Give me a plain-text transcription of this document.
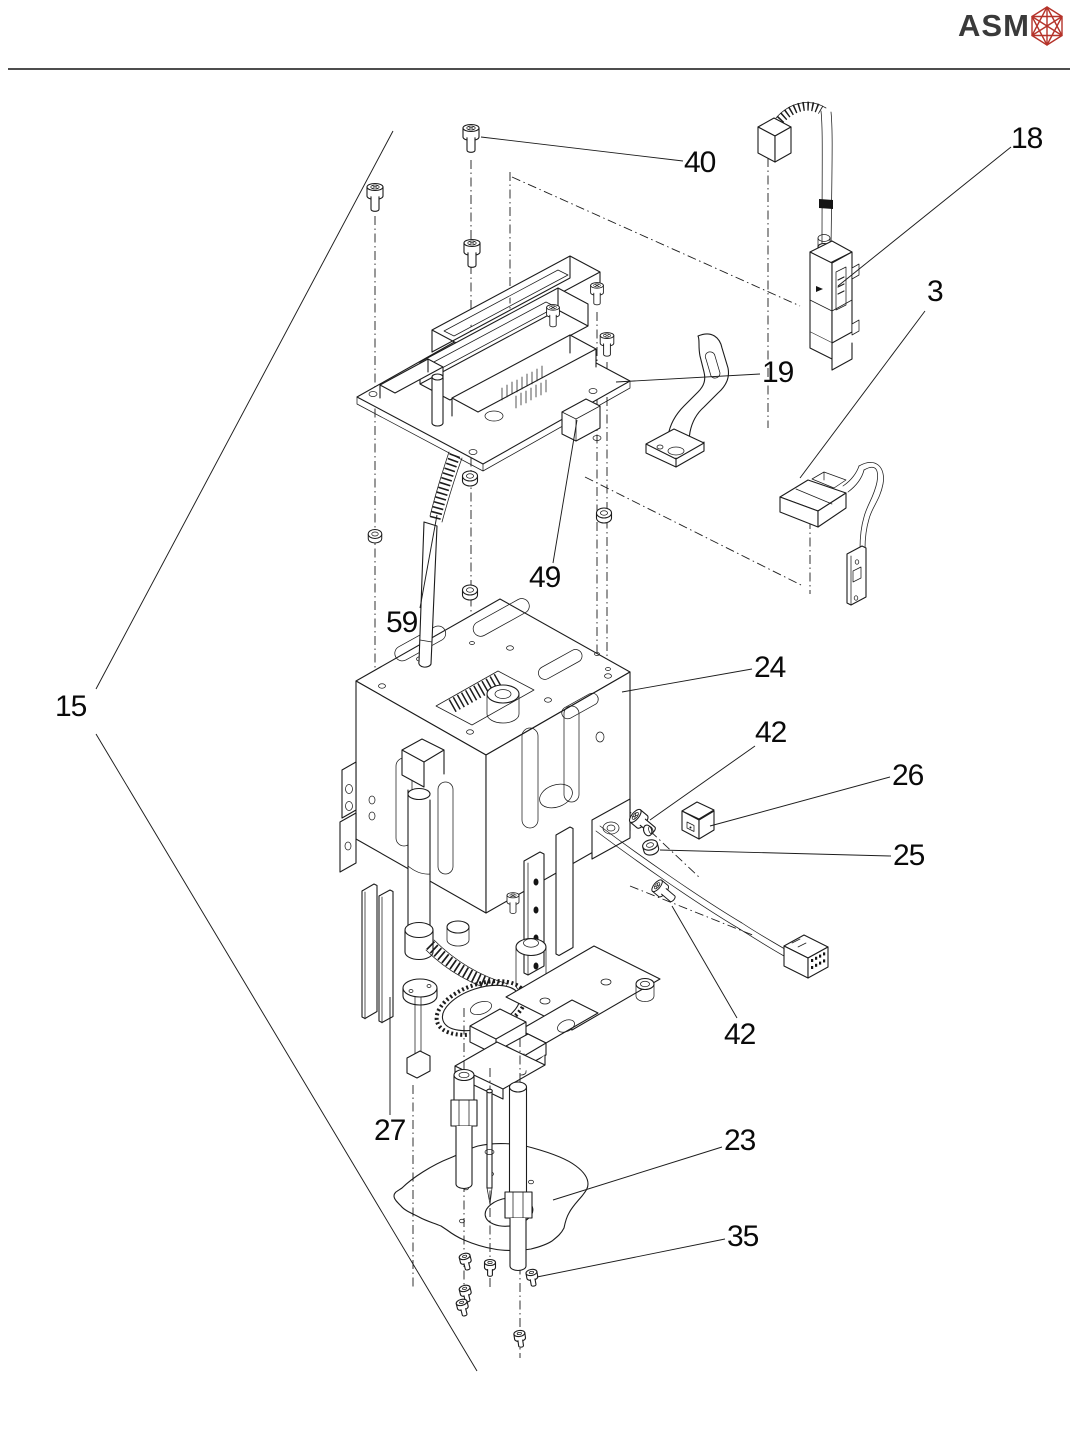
ASM
15
40
18
3
19
49
59
24
42
26
25
42
27	23
35
